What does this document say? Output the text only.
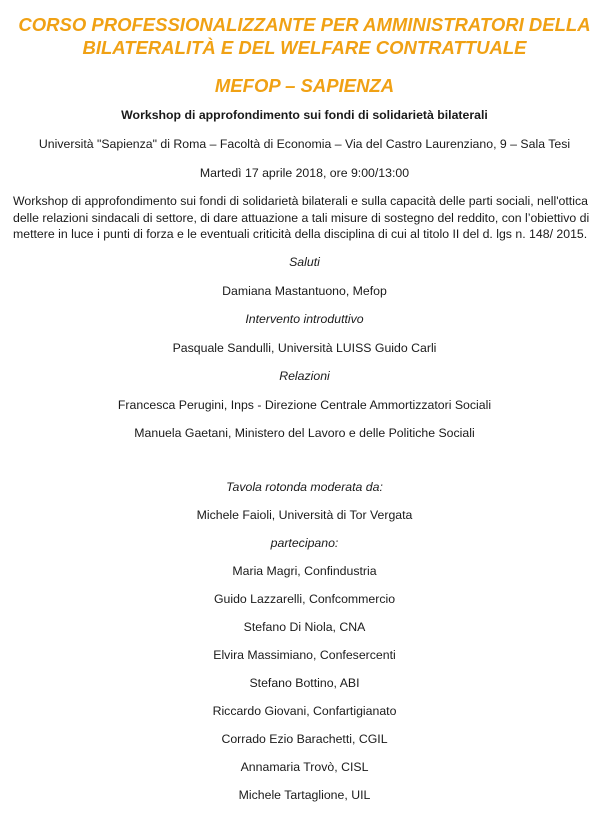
CORSO PROFESSIONALIZZANTE PER AMMINISTRATORI DELLA
BILATERALITÀ E DEL WELFARE CONTRATTUALE
MEFOP – SAPIENZA
Workshop di approfondimento sui fondi di solidarietà bilaterali
Università "Sapienza" di Roma – Facoltà di Economia – Via del Castro Laurenziano, 9 – Sala Tesi
Martedì 17 aprile 2018, ore 9:00/13:00
Workshop di approfondimento sui fondi di solidarietà bilaterali e sulla capacità delle parti sociali, nell'ottica
delle relazioni sindacali di settore, di dare attuazione a tali misure di sostegno del reddito, con l’obiettivo di
mettere in luce i punti di forza e le eventuali criticità della disciplina di cui al titolo II del d. lgs n. 148/ 2015.
Saluti
Damiana Mastantuono, Mefop
Intervento introduttivo
Pasquale Sandulli, Università LUISS Guido Carli
Relazioni
Francesca Perugini, Inps - Direzione Centrale Ammortizzatori Sociali
Manuela Gaetani, Ministero del Lavoro e delle Politiche Sociali
Tavola rotonda moderata da:
Michele Faioli, Università di Tor Vergata
partecipano:
Maria Magri, Confindustria
Guido Lazzarelli, Confcommercio
Stefano Di Niola, CNA
Elvira Massimiano, Confesercenti
Stefano Bottino, ABI
Riccardo Giovani, Confartigianato
Corrado Ezio Barachetti, CGIL
Annamaria Trovò, CISL
Michele Tartaglione, UIL
